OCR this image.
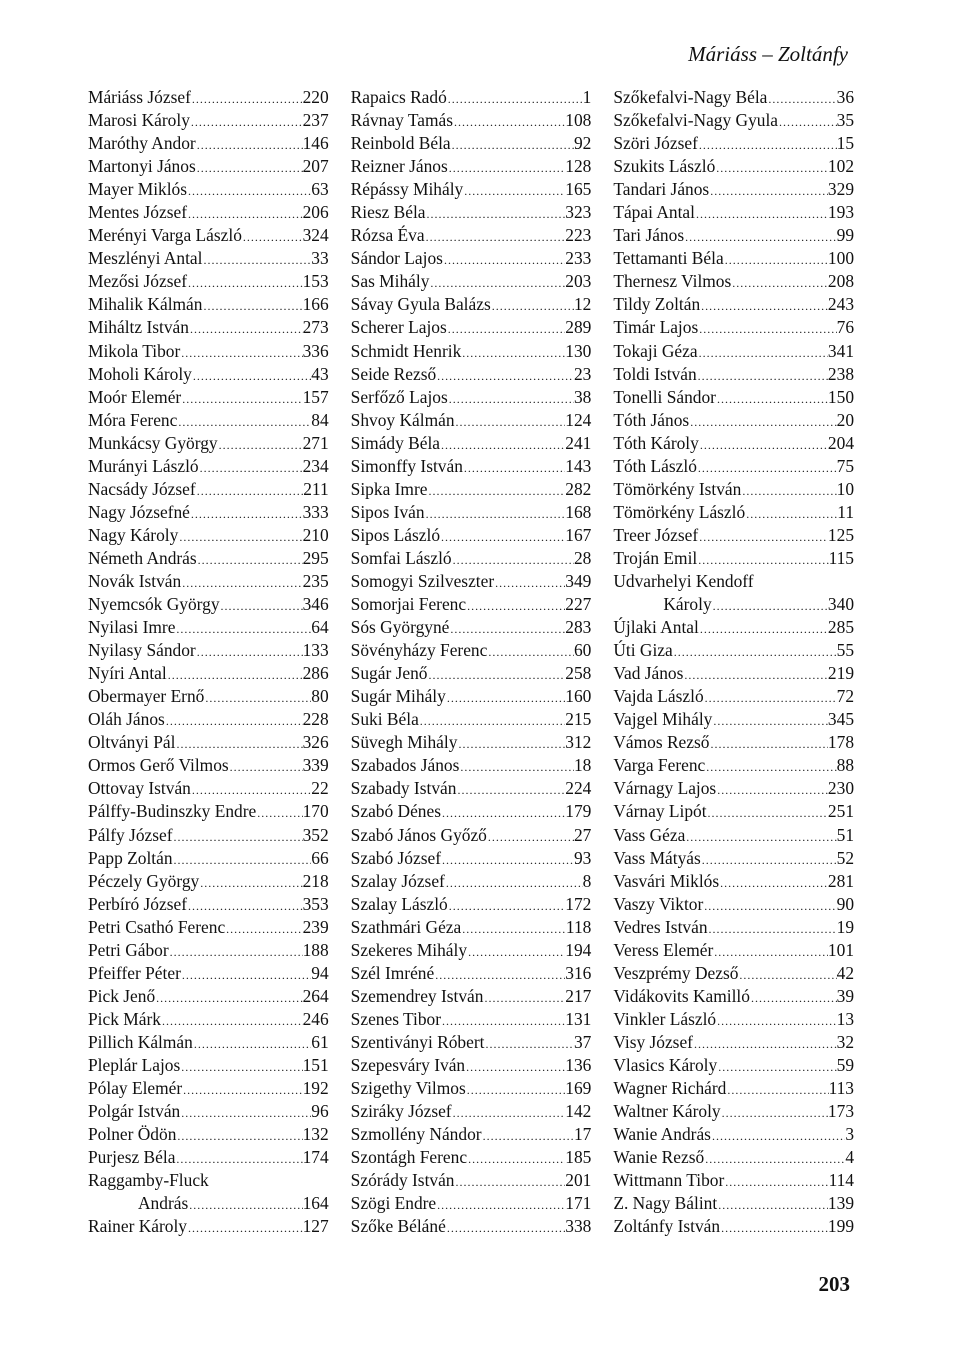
Máriáss – Zoltánfy
Máriáss József .....	220
Marosi Károly .....	237
Maróthy Andor .....	146
Martonyi János .....	207
Mayer Miklós .....	63
Mentes József .....	206
Merényi Varga László .....	324
Meszlényi Antal .....	33
Mezősi József .....	153
Mihalik Kálmán .....	166
Miháltz István .....	273
Mikola Tibor .....	336
Moholi Károly .....	43
Moór Elemér .....	157
Móra Ferenc .....	84
Munkácsy György .....	271
Murányi László .....	234
Nacsády József .....	211
Nagy Józsefné .....	333
Nagy Károly .....	210
Németh András .....	295
Novák István .....	235
Nyemcsók György .....	346
Nyilasi Imre .....	64
Nyilasy Sándor .....	133
Nyíri Antal .....	286
Obermayer Ernő .....	80
Oláh János .....	228
Oltványi Pál .....	326
Ormos Gerő Vilmos .....	339
Ottovay István .....	22
Pálffy-Budinszky Endre .....	170
Pálfy József .....	352
Papp Zoltán .....	66
Péczely György .....	218
Perbíró József .....	353
Petri Csathó Ferenc .....	239
Petri Gábor .....	188
Pfeiffer Péter .....	94
Pick Jenő .....	264
Pick Márk .....	246
Pillich Kálmán .....	61
Pleplár Lajos .....	151
Pólay Elemér .....	192
Polgár István .....	96
Polner Ödön .....	132
Purjesz Béla .....	174
Raggamby-Fluck
András .....	164
Rainer Károly .....	127
Rapaics Radó .....	1
Rávnay Tamás .....	108
Reinbold Béla .....	92
Reizner János .....	128
Répássy Mihály .....	165
Riesz Béla .....	323
Rózsa Éva .....	223
Sándor Lajos .....	233
Sas Mihály .....	203
Sávay Gyula Balázs .....	12
Scherer Lajos .....	289
Schmidt Henrik .....	130
Seide Rezső .....	23
Serfőző Lajos .....	38
Shvoy Kálmán .....	124
Simády Béla .....	241
Simonffy István .....	143
Sipka Imre .....	282
Sipos Iván .....	168
Sipos László .....	167
Somfai László .....	28
Somogyi Szilveszter .....	349
Somorjai Ferenc .....	227
Sós Györgyné .....	283
Sövényházy Ferenc .....	60
Sugár Jenő .....	258
Sugár Mihály .....	160
Suki Béla .....	215
Süvegh Mihály .....	312
Szabados János .....	18
Szabady István .....	224
Szabó Dénes .....	179
Szabó János Győző .....	27
Szabó József .....	93
Szalay József .....	8
Szalay László .....	172
Szathmári Géza .....	118
Szekeres Mihály .....	194
Szél Imréné .....	316
Szemendrey István .....	217
Szenes Tibor .....	131
Szentiványi Róbert .....	37
Szepesváry Iván .....	136
Szigethy Vilmos .....	169
Sziráky József .....	142
Szmollény Nándor .....	17
Szontágh Ferenc .....	185
Szórády István .....	201
Szögi Endre .....	171
Szőke Béláné .....	338
Szőkefalvi-Nagy Béla .....	36
Szőkefalvi-Nagy Gyula .....	35
Szöri József .....	15
Szukits László .....	102
Tandari János .....	329
Tápai Antal .....	193
Tari János .....	99
Tettamanti Béla .....	100
Thernesz Vilmos .....	208
Tildy Zoltán .....	243
Timár Lajos .....	76
Tokaji Géza .....	341
Toldi István .....	238
Tonelli Sándor .....	150
Tóth János .....	20
Tóth Károly .....	204
Tóth László .....	75
Tömörkény István .....	10
Tömörkény László .....	11
Treer József .....	125
Troján Emil .....	115
Udvarhelyi Kendoff
Károly .....	340
Újlaki Antal .....	285
Úti Giza .....	55
Vad János .....	219
Vajda László .....	72
Vajgel Mihály .....	345
Vámos Rezső .....	178
Varga Ferenc .....	88
Várnagy Lajos .....	230
Várnay Lipót .....	251
Vass Géza .....	51
Vass Mátyás .....	52
Vasvári Miklós .....	281
Vaszy Viktor .....	90
Vedres István .....	19
Veress Elemér .....	101
Veszprémy Dezső .....	42
Vidákovits Kamilló .....	39
Vinkler László .....	13
Visy József .....	32
Vlasics Károly .....	59
Wagner Richárd .....	113
Waltner Károly .....	173
Wanie András .....	3
Wanie Rezső .....	4
Wittmann Tibor .....	114
Z. Nagy Bálint .....	139
Zoltánfy István .....	199
203
